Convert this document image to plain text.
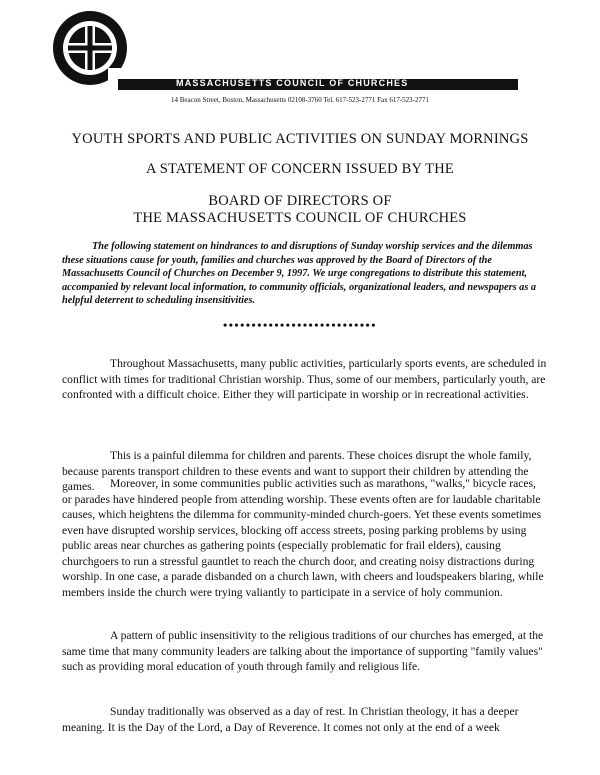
MASSACHUSETTS COUNCIL OF CHURCHES
14 Beacon Street, Boston, Massachusetts 02108-3760 Tel. 617-523-2771 Fax 617-523-2771
YOUTH SPORTS AND PUBLIC ACTIVITIES ON SUNDAY MORNINGS
A STATEMENT OF CONCERN ISSUED BY THE
BOARD OF DIRECTORS OF
THE MASSACHUSETTS COUNCIL OF CHURCHES
The following statement on hindrances to and disruptions of Sunday worship services and the dilemmas these situations cause for youth, families and churches was approved by the Board of Directors of the Massachusetts Council of Churches on December 9, 1997. We urge congregations to distribute this statement, accompanied by relevant local information, to community officials, organizational leaders, and newspapers as a helpful deterrent to scheduling insensitivities.
•••••••••••••••••••••••••••
Throughout Massachusetts, many public activities, particularly sports events, are scheduled in conflict with times for traditional Christian worship. Thus, some of our members, particularly youth, are confronted with a difficult choice. Either they will participate in worship or in recreational activities.
This is a painful dilemma for children and parents. These choices disrupt the whole family, because parents transport children to these events and want to support their children by attending the games.	Moreover, in some communities public activities such as marathons, "walks," bicycle races, or parades have hindered people from attending worship. These events often are for laudable charitable causes, which heightens the dilemma for community-minded church-goers. Yet these events sometimes even have disrupted worship services, blocking off access streets, posing parking problems by using public areas near churches as gathering points (especially problematic for frail elders), causing churchgoers to run a stressful gauntlet to reach the church door, and creating noisy distractions during worship. In one case, a parade disbanded on a church lawn, with cheers and loudspeakers blaring, while members inside the church were trying valiantly to participate in a service of holy communion.
A pattern of public insensitivity to the religious traditions of our churches has emerged, at the same time that many community leaders are talking about the importance of supporting "family values" such as providing moral education of youth through family and religious life.
Sunday traditionally was observed as a day of rest. In Christian theology, it has a deeper meaning. It is the Day of the Lord, a Day of Reverence. It comes not only at the end of a week
